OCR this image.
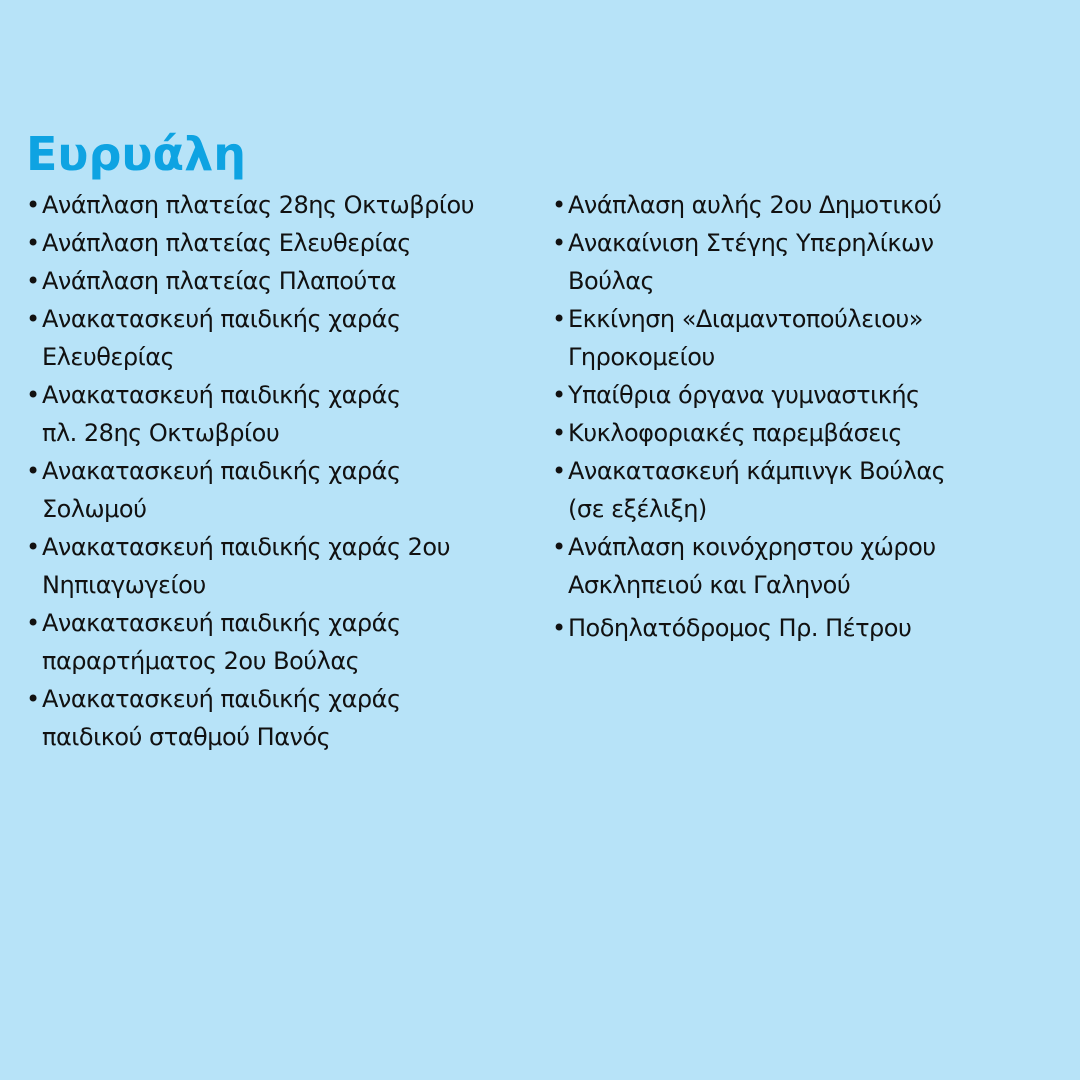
Ευρυάλη
• Ανάπλαση πλατείας 28ης Οκτωβρίου
• Ανάπλαση πλατείας Ελευθερίας
• Ανάπλαση πλατείας Πλαπούτα
• Ανακατασκευή παιδικής χαράς
Ελευθερίας
• Ανακατασκευή παιδικής χαράς
πλ. 28ης Οκτωβρίου
• Ανακατασκευή παιδικής χαράς
Σολωμού
• Ανακατασκευή παιδικής χαράς 2ου
Νηπιαγωγείου
• Ανακατασκευή παιδικής χαράς
παραρτήματος 2ου Βούλας
• Ανακατασκευή παιδικής χαράς
παιδικού σταθμού Πανός
• Ανάπλαση αυλής 2ου Δημοτικού
• Ανακαίνιση Στέγης Υπερηλίκων
Βούλας
• Εκκίνηση «Διαμαντοπούλειου»
Γηροκομείου
• Υπαίθρια όργανα γυμναστικής
• Κυκλοφοριακές παρεμβάσεις
• Ανακατασκευή κάμπινγκ Βούλας
(σε εξέλιξη)
• Ανάπλαση κοινόχρηστου χώρου
Ασκληπειού και Γαληνού
• Ποδηλατόδρομος Πρ. Πέτρου
